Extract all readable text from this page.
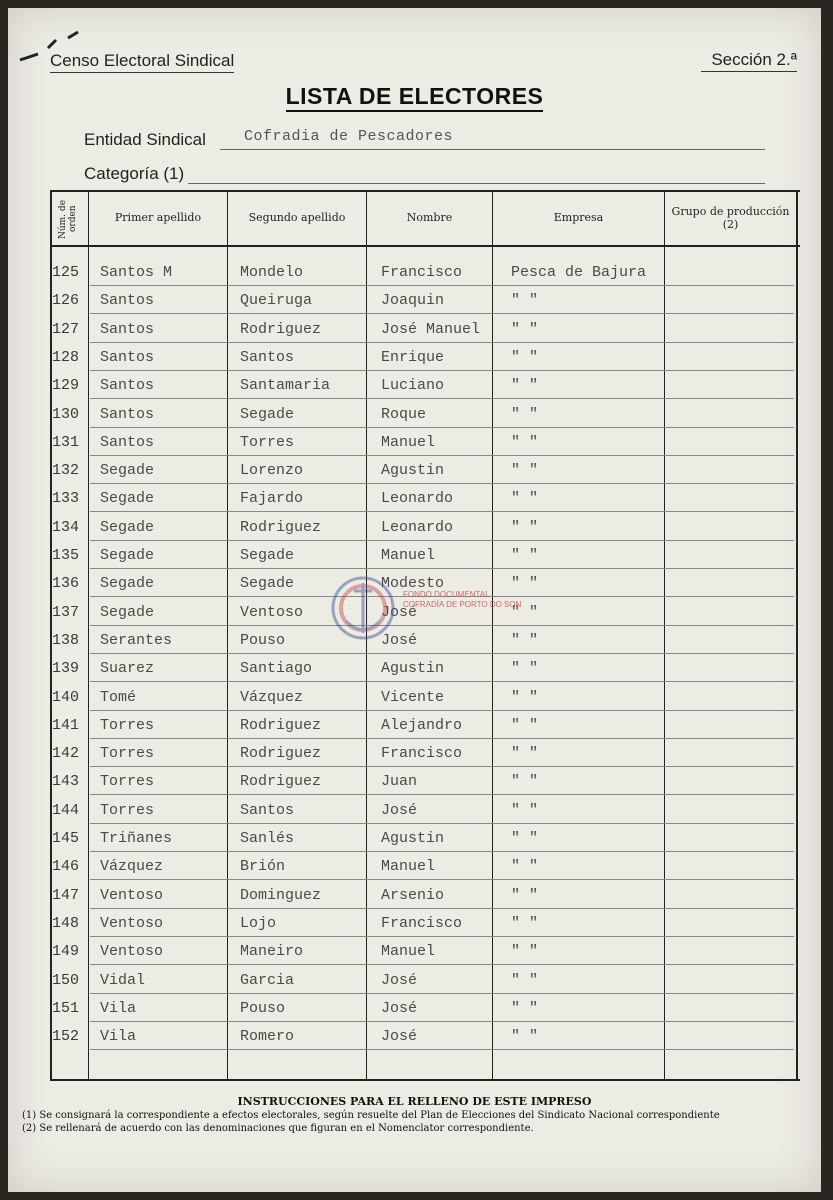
Censo Electoral Sindical	Sección 2.ª
LISTA DE ELECTORES
Entidad Sindical	Cofradia de Pescadores
Categoría (1)
Núm. de orden	Primer apellido	Segundo apellido	Nombre	Empresa	Grupo de producción (2)
125 Santos M	Mondelo	Francisco	Pesca de Bajura
126 Santos	Queiruga	Joaquin	" "
127 Santos	Rodriguez	José Manuel " "
128 Santos	Santos	Enrique	" "
129 Santos	Santamaria	Luciano	" "
130 Santos	Segade	Roque	" "
131 Santos	Torres	Manuel	" "
132 Segade	Lorenzo	Agustin	" "
133 Segade	Fajardo	Leonardo	" "
134 Segade	Rodriguez	Leonardo	" "
135 Segade	Segade	Manuel	" "
136 Segade	Segade	Modesto	" "
137 Segade	Ventoso	José	" "
138 Serantes	Pouso	José	" "
139 Suarez	Santiago	Agustin	" "
140 Tomé	Vázquez	Vicente	" "
141 Torres	Rodriguez	Alejandro	" "
142 Torres	Rodriguez	Francisco	" "
143 Torres	Rodriguez	Juan	" "
144 Torres	Santos	José	" "
145 Triñanes	Sanlés	Agustin	" "
146 Vázquez	Brión	Manuel	" "
147 Ventoso	Dominguez	Arsenio	" "
148 Ventoso	Lojo	Francisco	" "
149 Ventoso	Maneiro	Manuel	" "
150 Vidal	Garcia	José	" "
151 Vila	Pouso	José	" "
152 Vila	Romero	José	" "
FONDO DOCUMENTAL
COFRADÍA DE PORTO DO SON
INSTRUCCIONES PARA EL RELLENO DE ESTE IMPRESO
(1) Se consignará la correspondiente a efectos electorales, según resuelte del Plan de Elecciones del Sindicato Nacional correspondiente
(2) Se rellenará de acuerdo con las denominaciones que figuran en el Nomenclator correspondiente.
